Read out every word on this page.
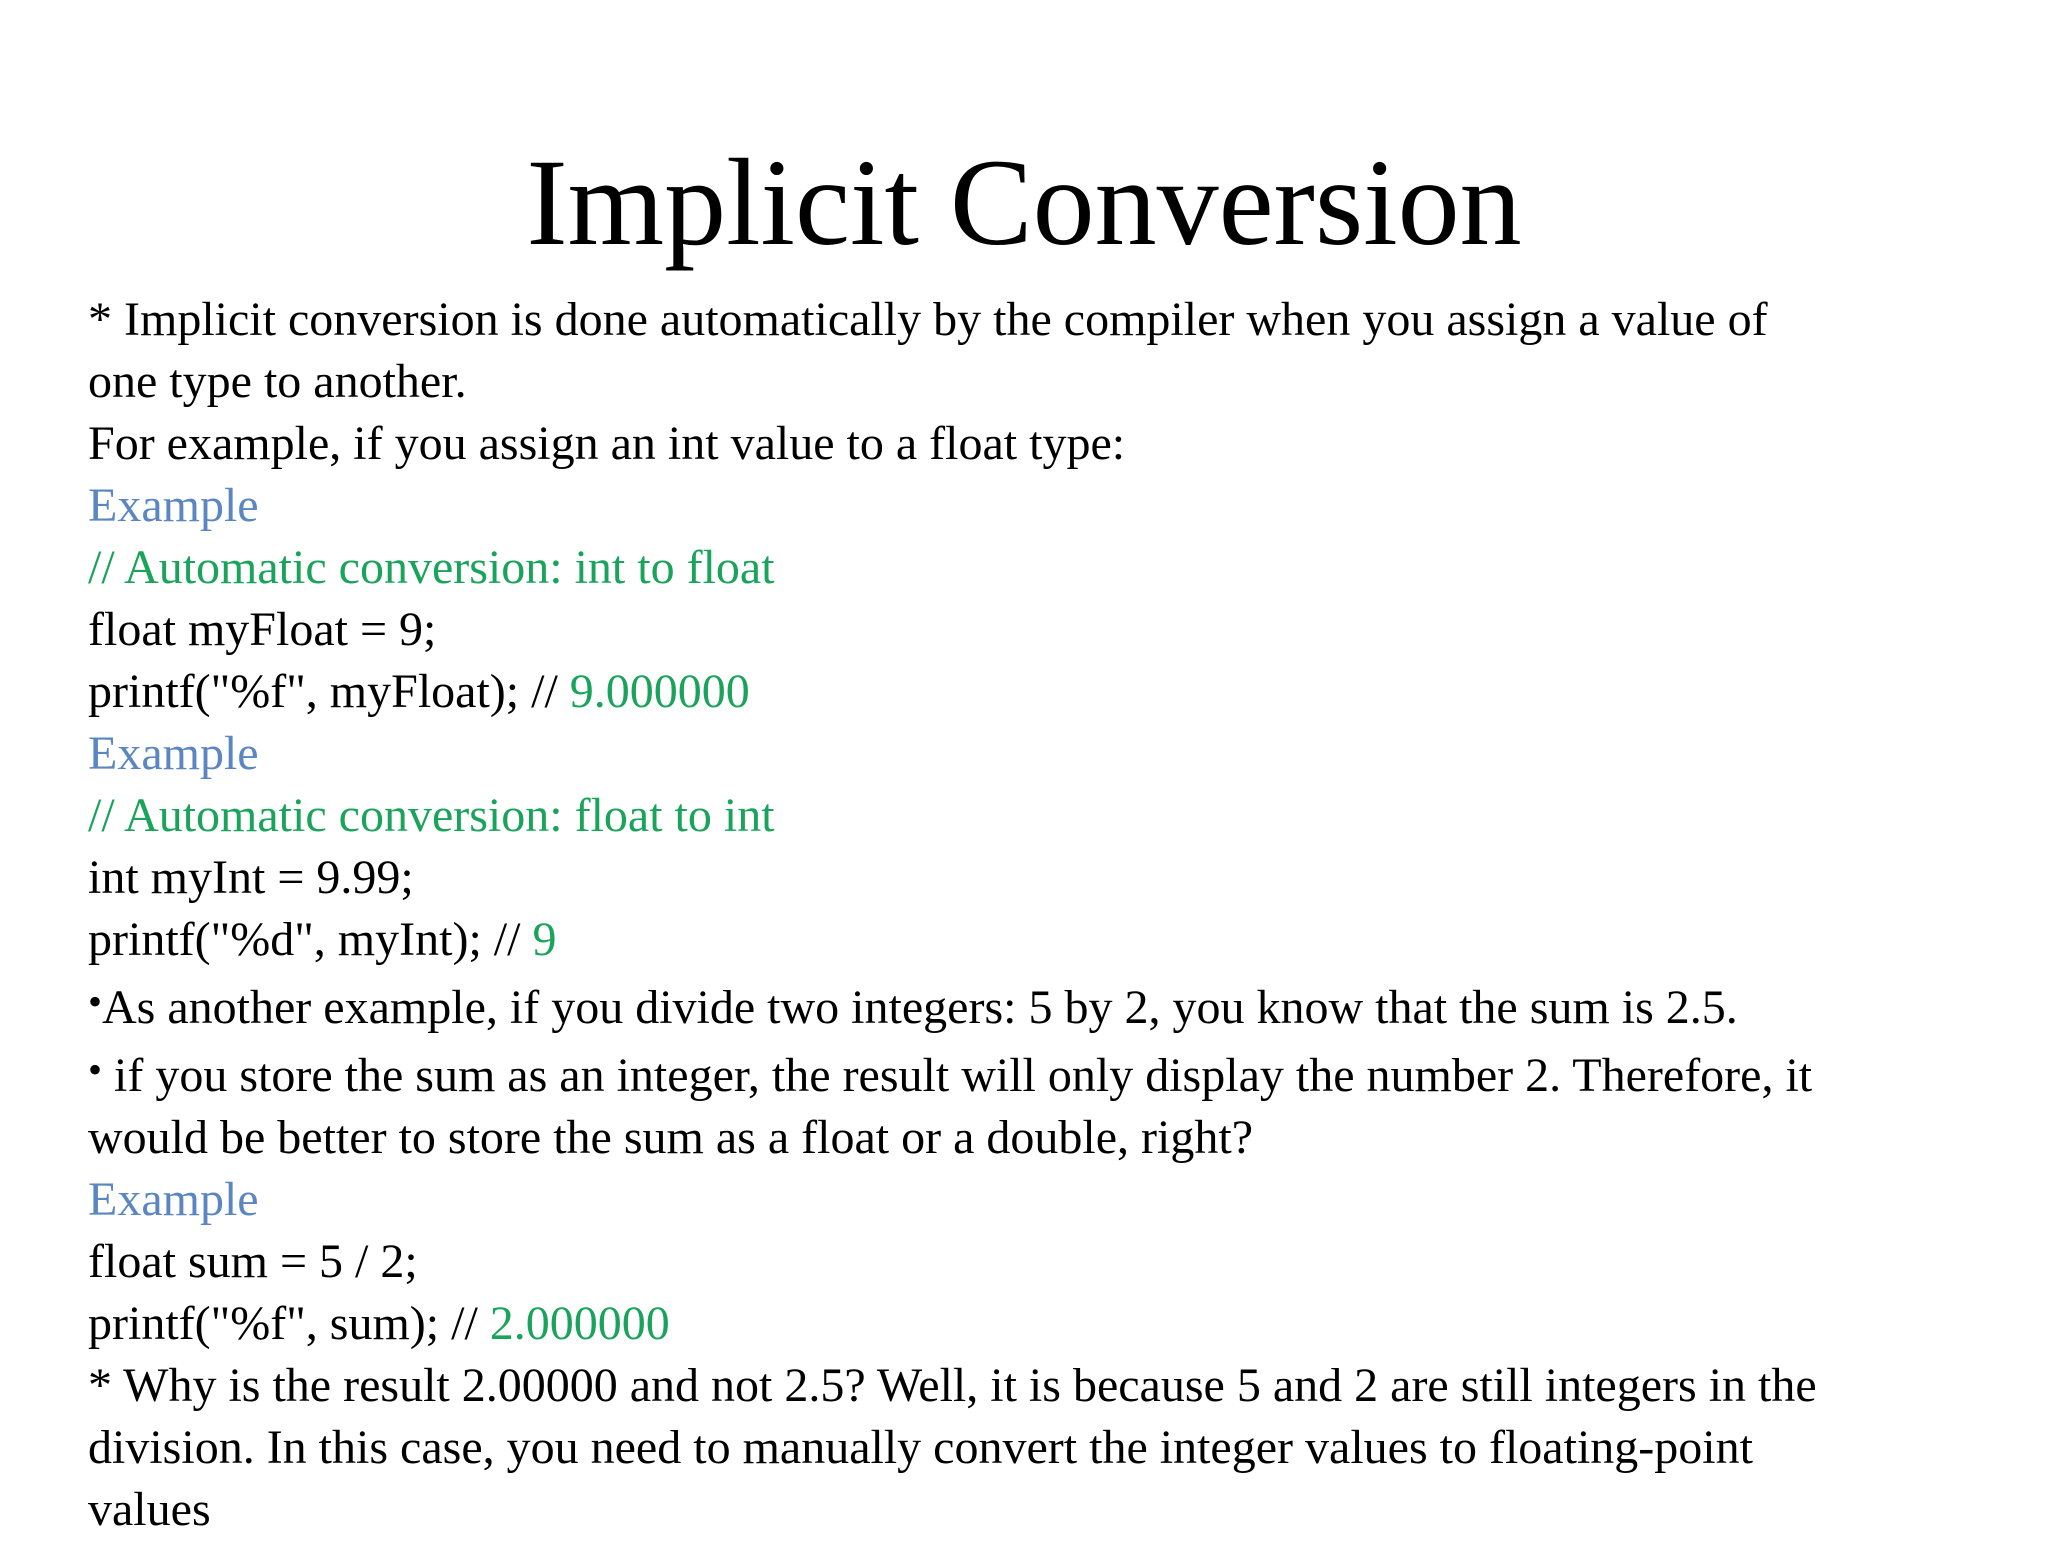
Implicit Conversion
* Implicit conversion is done automatically by the compiler when you assign a value of
one type to another.
For example, if you assign an int value to a float type:
Example
// Automatic conversion: int to float
float myFloat = 9;
printf("%f", myFloat); // 9.000000
Example
// Automatic conversion: float to int
int myInt = 9.99;
printf("%d", myInt); // 9
•As another example, if you divide two integers: 5 by 2, you know that the sum is 2.5.
• if you store the sum as an integer, the result will only display the number 2. Therefore, it
would be better to store the sum as a float or a double, right?
Example
float sum = 5 / 2;
printf("%f", sum); // 2.000000
* Why is the result 2.00000 and not 2.5? Well, it is because 5 and 2 are still integers in the
division. In this case, you need to manually convert the integer values to floating-point
values
